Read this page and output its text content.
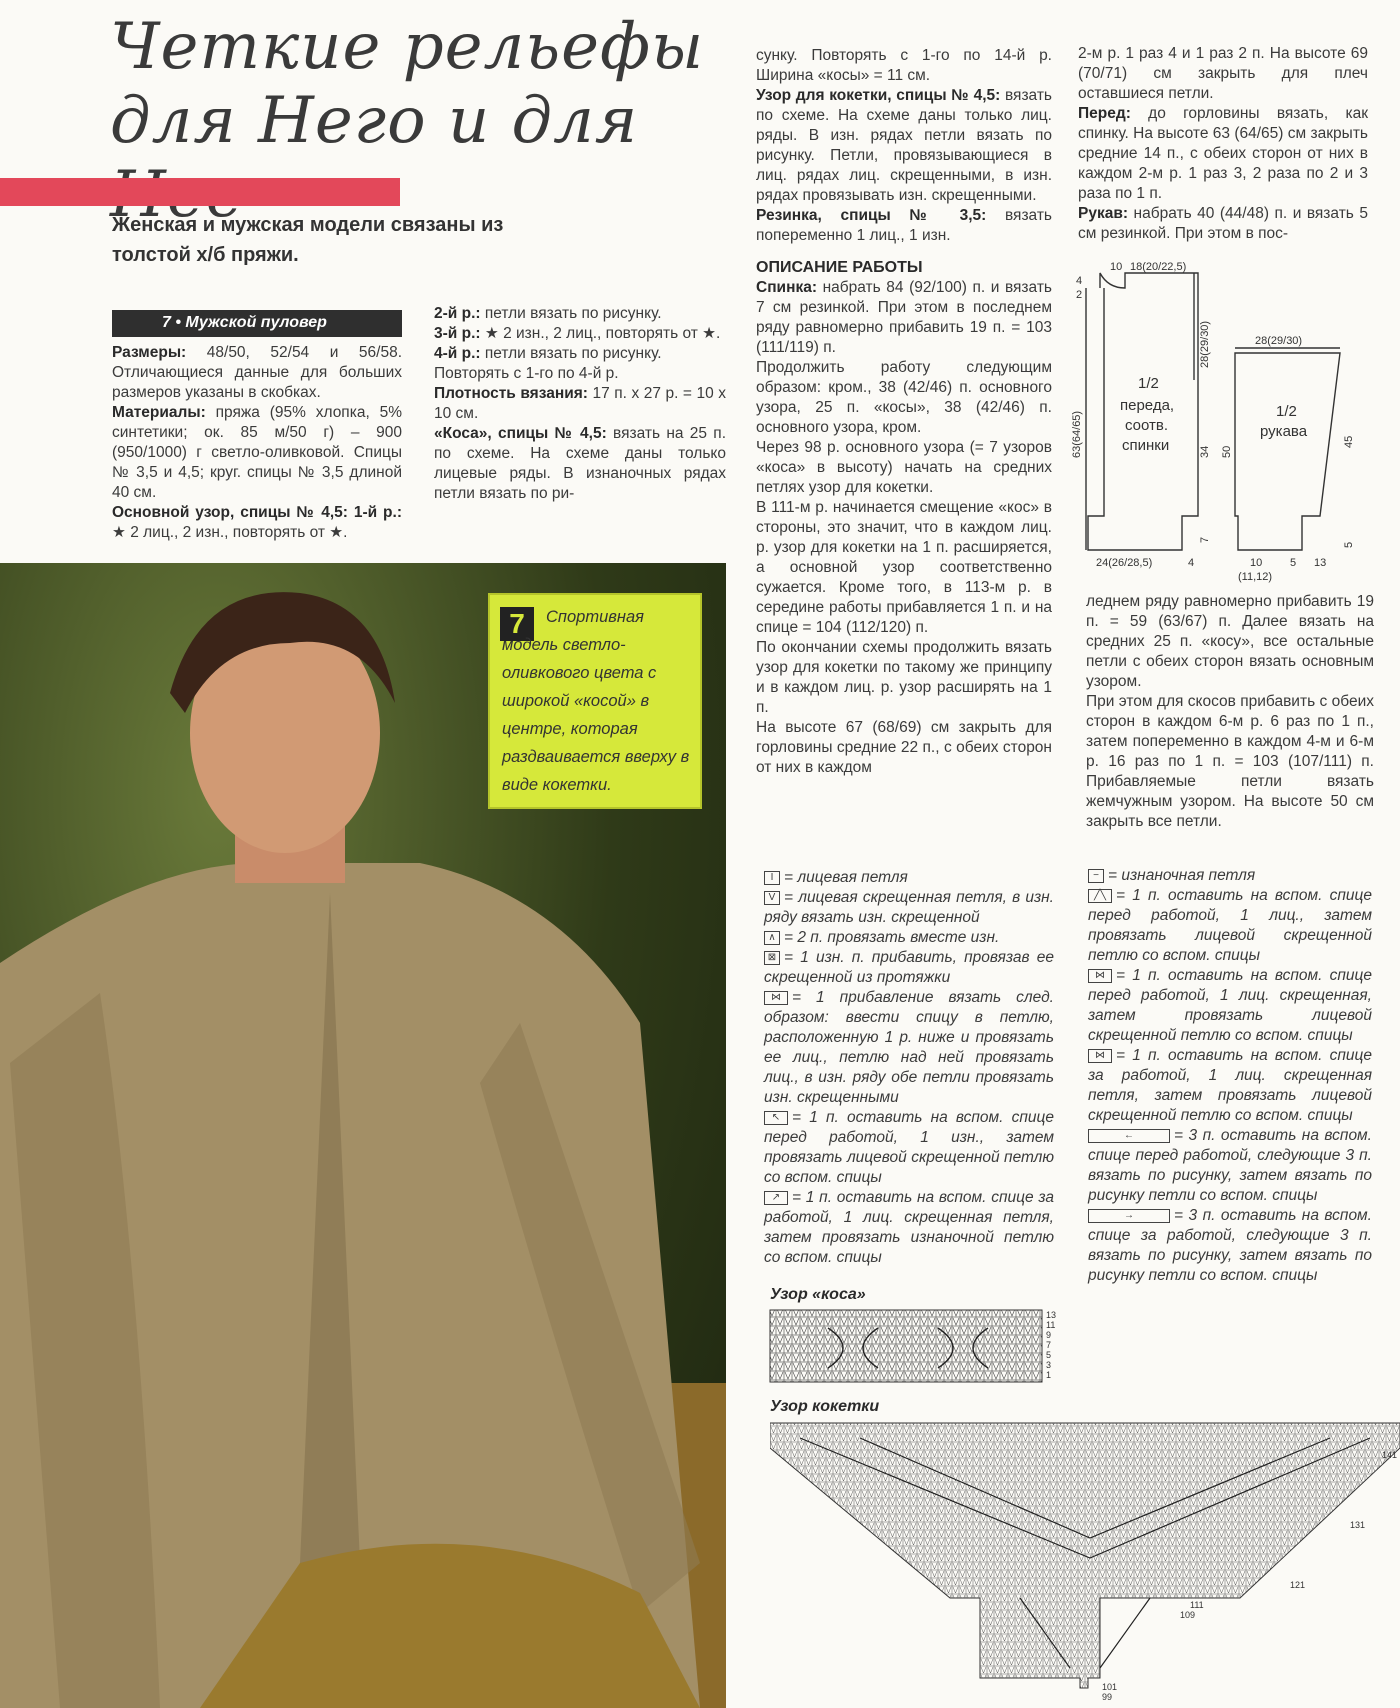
Четкие рельефы
для Него и для
Женская и мужская модели связаны из толстой х/б пряжи.
7 • Мужской пуловер

Размеры: 48/50, 52/54 и 56/58. Отличающиеся данные для больших размеров указаны в скобках.

Материалы: пряжа (95% хлопка, 5% синтетики; ок. 85 м/50 г) – 900 (950/1000) г светло-оливковой. Спицы № 3,5 и 4,5; круг. спицы № 3,5 длиной 40 см.

Основной узор, спицы № 4,5: 1-й р.: ★ 2 лиц., 2 изн., повторять от ★.

2-й р.: петли вязать по рисунку.

3-й р.: ★ 2 изн., 2 лиц., повторять от ★.

4-й р.: петли вязать по рисунку.

Повторять с 1-го по 4-й р.

Плотность вязания: 17 п. х 27 р. = 10 х 10 см.

«Коса», спицы № 4,5: вязать на 25 п. по схеме. На схеме даны только лицевые ряды. В изнаночных рядах петли вязать по ри-

сунку. Повторять с 1-го по 14-й р. Ширина «косы» = 11 см.

Узор для кокетки, спицы № 4,5: вязать по схеме. На схеме даны только лиц. ряды. В изн. рядах петли вязать по рисунку. Петли, провязывающиеся в лиц. рядах лиц. скрещенными, в изн. рядах провязывать изн. скрещенными.

Резинка, спицы № 3,5: вязать попеременно 1 лиц., 1 изн.

ОПИСАНИЕ РАБОТЫ

Спинка: набрать 84 (92/100) п. и вязать 7 см резинкой. При этом в последнем ряду равномерно прибавить 19 п. = 103 (111/119) п.

Продолжить работу следующим образом: кром., 38 (42/46) п. основного узора, 25 п. «косы», 38 (42/46) п. основного узора, кром.

Через 98 р. основного узора (= 7 узоров «коса» в высоту) начать на средних петлях узор для кокетки.

В 111-м р. начинается смещение «кос» в стороны, это значит, что в каждом лиц. р. узор для кокетки на 1 п. расширяется, а основной узор соответственно сужается. Кроме того, в 113-м р. в середине работы прибавляется 1 п. и на спице = 104 (112/120) п.

По окончании схемы продолжить вязать узор для кокетки по такому же принципу и в каждом лиц. р. узор расширять на 1 п.

На высоте 67 (68/69) см закрыть для горловины средние 22 п., с обеих сторон от них в каждом

2-м р. 1 раз 4 и 1 раз 2 п. На высоте 69 (70/71) см закрыть для плеч оставшиеся петли.

Перед: до горловины вязать, как спинку. На высоте 63 (64/65) см закрыть средние 14 п., с обеих сторон от них в каждом 2-м р. 1 раз 3, 2 раза по 2 и 3 раза по 1 п.

Рукав: набрать 40 (44/48) п. и вязать 5 см резинкой. При этом в пос-

10 18(20/22,5)
4
2
63(64/65)
28(29/30)
34
7
1/2
переда,
соотв.
спинки
24(26/28,5)	4
28(29/30)
1/2
рукава
50
45
10
(11,12)
5 13
5

леднем ряду равномерно прибавить 19 п. = 59 (63/67) п. Далее вязать на средних 25 п. «косу», все остальные петли с обеих сторон вязать основным узором.

При этом для скосов прибавить с обеих сторон в каждом 6-м р. 6 раз по 1 п., затем попеременно в каждом 4-м и 6-м р. 16 раз по 1 п. = 103 (107/111) п. Прибавляемые петли вязать жемчужным узором. На высоте 50 см закрыть все петли.

7	Спортивная модель светло-оливкового цвета с широкой «косой» в центре, которая раздваивается вверху в виде кокетки.

I = лицевая петля

V = лицевая скрещенная петля, в изн. ряду вязать изн. скрещенной

∧ = 2 п. провязать вместе изн.

⊠ = 1 изн. п. прибавить, провязав ее скрещенной из протяжки

⋈ = 1 прибавление вязать след. образом: ввести спицу в петлю, расположенную 1 р. ниже и провязать ее лиц., петлю над ней провязать лиц., в изн. ряду обе петли провязать изн. скрещенными

↖ = 1 п. оставить на вспом. спице перед работой, 1 изн., затем провязать лицевой скрещенной петлю со вспом. спицы

↗ = 1 п. оставить на вспом. спице за работой, 1 лиц. скрещенная петля, затем провязать изнаночной петлю со вспом. спицы

− = изнаночная петля

╱╲ = 1 п. оставить на вспом. спице перед работой, 1 лиц., затем провязать лицевой скрещенной петлю со вспом. спицы

⋈ = 1 п. оставить на вспом. спице перед работой, 1 лиц. скрещенная, затем провязать лицевой скрещенной петлю со вспом. спицы

⋈ = 1 п. оставить на вспом. спице за работой, 1 лиц. скрещенная петля, затем провязать лицевой скрещенной петлю со вспом. спицы

←	= 3 п. оставить на вспом. спице перед работой, следующие 3 п. вязать по рисунку, затем вязать по рисунку петли со вспом. спицы

→	= 3 п. оставить на вспом. спице за работой, следующие 3 п. вязать по рисунку, затем вязать по рисунку петли со вспом. спицы

Узор «коса»
13
11
9
7
5
3
1
Узор кокетки
141
131
121
111
109
101
99
